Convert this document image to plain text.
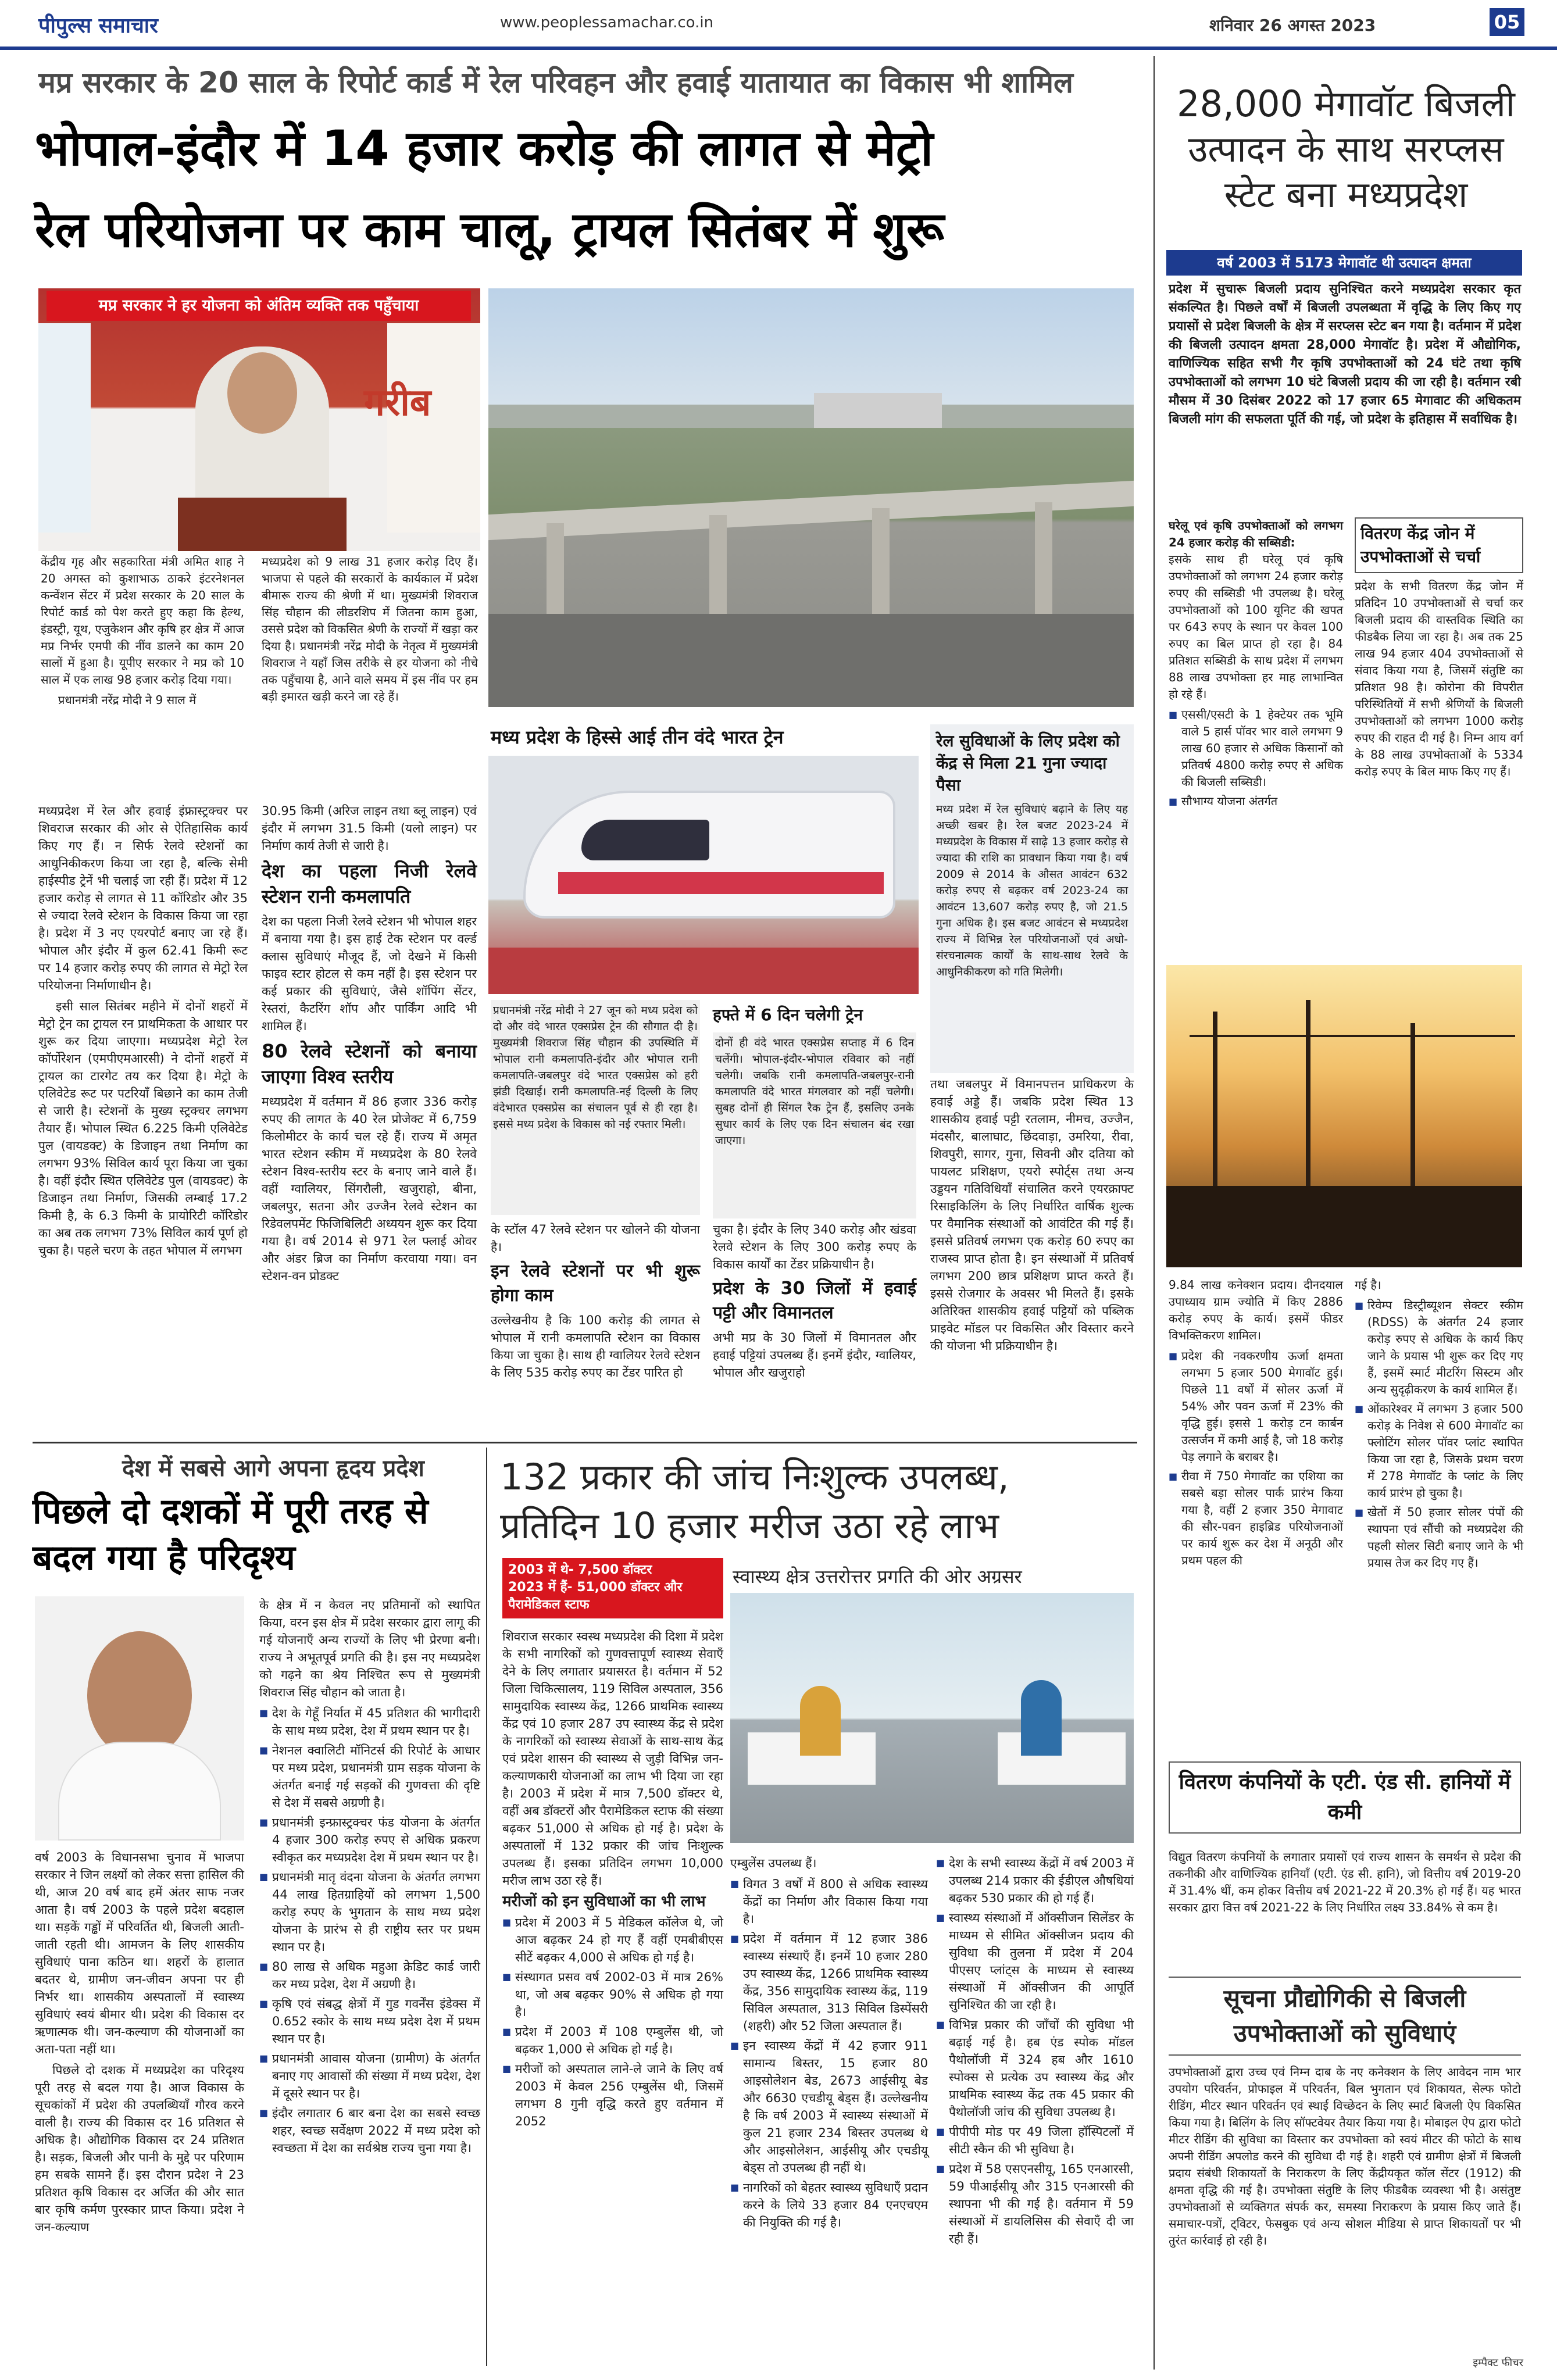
पीपुल्स समाचार	www.peoplessamachar.co.in	शनिवार 26 अगस्त 2023	05
मप्र सरकार के 20 साल के रिपोर्ट कार्ड में रेल परिवहन और हवाई यातायात का विकास भी शामिल
भोपाल-इंदौर में 14 हजार करोड़ की लागत से मेट्रो
रेल परियोजना पर काम चालू, ट्रायल सितंबर में शुरू
गरीब
मप्र सरकार ने हर योजना को अंतिम व्यक्ति तक पहुँचाया

केंद्रीय गृह और सहकारिता मंत्री अमित शाह ने 20 अगस्त को कुशाभाऊ ठाकरे इंटरनेशनल कन्वेंशन सेंटर में प्रदेश सरकार के 20 साल के रिपोर्ट कार्ड को पेश करते हुए कहा कि हेल्थ, इंडस्ट्री, यूथ, एजुकेशन और कृषि हर क्षेत्र में आज मप्र निर्भर एमपी की नींव डालने का काम 20 सालों में हुआ है। यूपीए सरकार ने मप्र को 10 साल में एक लाख 98 हजार करोड़ दिया गया।

प्रधानमंत्री नरेंद्र मोदी ने 9 साल में

मध्यप्रदेश को 9 लाख 31 हजार करोड़ दिए हैं। भाजपा से पहले की सरकारों के कार्यकाल में प्रदेश बीमारू राज्य की श्रेणी में था। मुख्यमंत्री शिवराज सिंह चौहान की लीडरशिप में जितना काम हुआ, उससे प्रदेश को विकसित श्रेणी के राज्यों में खड़ा कर दिया है। प्रधानमंत्री नरेंद्र मोदी के नेतृत्व में मुख्यमंत्री शिवराज ने यहाँ जिस तरीके से हर योजना को नीचे तक पहुँचाया है, आने वाले समय में इस नींव पर हम बड़ी इमारत खड़ी करने जा रहे हैं।
मध्य प्रदेश के हिस्से आई तीन वंदे भारत ट्रेन
प्रधानमंत्री नरेंद्र मोदी ने 27 जून को मध्य प्रदेश को दो और वंदे भारत एक्सप्रेस ट्रेन की सौगात दी है। मुख्यमंत्री शिवराज सिंह चौहान की उपस्थिति में भोपाल रानी कमलापति-इंदौर और भोपाल रानी कमलापति-जबलपुर वंदे भारत एक्सप्रेस को हरी झंडी दिखाई। रानी कमलापति-नई दिल्ली के लिए वंदेभारत एक्सप्रेस का संचालन पूर्व से ही रहा है। इससे मध्य प्रदेश के विकास को नई रफ्तार मिली।
हफ्ते में 6 दिन चलेगी ट्रेन
दोनों ही वंदे भारत एक्सप्रेस सप्ताह में 6 दिन चलेंगी। भोपाल-इंदौर-भोपाल रविवार को नहीं चलेगी। जबकि रानी कमलापति-जबलपुर-रानी कमलापति वंदे भारत मंगलवार को नहीं चलेगी। सुबह दोनों ही सिंगल रैक ट्रेन हैं, इसलिए उनके सुधार कार्य के लिए एक दिन संचालन बंद रखा जाएगा।
रेल सुविधाओं के लिए प्रदेश को केंद्र से मिला 21 गुना ज्यादा पैसा
मध्य प्रदेश में रेल सुविधाएं बढ़ाने के लिए यह अच्छी खबर है। रेल बजट 2023-24 में मध्यप्रदेश के विकास में साढ़े 13 हजार करोड़ से ज्यादा की राशि का प्रावधान किया गया है। वर्ष 2009 से 2014 के औसत आवंटन 632 करोड़ रुपए से बढ़कर वर्ष 2023-24 का आवंटन 13,607 करोड़ रुपए है, जो 21.5 गुना अधिक है। इस बजट आवंटन से मध्यप्रदेश राज्य में विभिन्न रेल परियोजनाओं एवं अधो-संरचनात्मक कार्यों के साथ-साथ रेलवे के आधुनिकीकरण को गति मिलेगी।

मध्यप्रदेश में रेल और हवाई इंफ्रास्ट्रक्चर पर शिवराज सरकार की ओर से ऐतिहासिक कार्य किए गए हैं। न सिर्फ रेलवे स्टेशनों का आधुनिकीकरण किया जा रहा है, बल्कि सेमी हाईस्पीड ट्रेनें भी चलाई जा रही हैं। प्रदेश में 12 हजार करोड़ से लागत से 11 कॉरिडोर और 35 से ज्यादा रेलवे स्टेशन के विकास किया जा रहा है। प्रदेश में 3 नए एयरपोर्ट बनाए जा रहे हैं। भोपाल और इंदौर में कुल 62.41 किमी रूट पर 14 हजार करोड़ रुपए की लागत से मेट्रो रेल परियोजना निर्माणाधीन है।

इसी साल सितंबर महीने में दोनों शहरों में मेट्रो ट्रेन का ट्रायल रन प्राथमिकता के आधार पर शुरू कर दिया जाएगा। मध्यप्रदेश मेट्रो रेल कॉर्पोरेशन (एमपीएमआरसी) ने दोनों शहरों में ट्रायल का टारगेट तय कर दिया है। मेट्रो के एलिवेटेड रूट पर पटरियाँ बिछाने का काम तेजी से जारी है। स्टेशनों के मुख्य स्ट्रक्चर लगभग तैयार हैं। भोपाल स्थित 6.225 किमी एलिवेटेड पुल (वायडक्ट) के डिजाइन तथा निर्माण का लगभग 93% सिविल कार्य पूरा किया जा चुका है। वहीं इंदौर स्थित एलिवेटेड पुल (वायडक्ट) के डिजाइन तथा निर्माण, जिसकी लम्बाई 17.2 किमी है, के 6.3 किमी के प्रायोरिटी कॉरिडोर का अब तक लगभग 73% सिविल कार्य पूर्ण हो चुका है। पहले चरण के तहत भोपाल में लगभग

30.95 किमी (अरिज लाइन तथा ब्लू लाइन) एवं इंदौर में लगभग 31.5 किमी (यलो लाइन) पर निर्माण कार्य तेजी से जारी है।

देश का पहला निजी रेलवे स्टेशन रानी कमलापति

देश का पहला निजी रेलवे स्टेशन भी भोपाल शहर में बनाया गया है। इस हाई टेक स्टेशन पर वर्ल्ड क्लास सुविधाएं मौजूद हैं, जो देखने में किसी फाइव स्टार होटल से कम नहीं है। इस स्टेशन पर कई प्रकार की सुविधाएं, जैसे शॉपिंग सेंटर, रेस्तरां, कैटरिंग शॉप और पार्किंग आदि भी शामिल हैं।

80 रेलवे स्टेशनों को बनाया जाएगा विश्व स्तरीय

मध्यप्रदेश में वर्तमान में 86 हजार 336 करोड़ रुपए की लागत के 40 रेल प्रोजेक्ट में 6,759 किलोमीटर के कार्य चल रहे हैं। राज्य में अमृत भारत स्टेशन स्कीम में मध्यप्रदेश के 80 रेलवे स्टेशन विश्व-स्तरीय स्टर के बनाए जाने वाले हैं। वहीं ग्वालियर, सिंगरौली, खजुराहो, बीना, जबलपुर, सतना और उज्जैन रेलवे स्टेशन का रिडेवलपमेंट फिजिबिलिटी अध्ययन शुरू कर दिया गया है। वर्ष 2014 से 971 रेल फ्लाई ओवर और अंडर ब्रिज का निर्माण करवाया गया। वन स्टेशन-वन प्रोडक्ट

के स्टॉल 47 रेलवे स्टेशन पर खोलने की योजना है।

इन रेलवे स्टेशनों पर भी शुरू होगा काम

उल्लेखनीय है कि 100 करोड़ की लागत से भोपाल में रानी कमलापति स्टेशन का विकास किया जा चुका है। साथ ही ग्वालियर रेलवे स्टेशन के लिए 535 करोड़ रुपए का टेंडर पारित हो

चुका है। इंदौर के लिए 340 करोड़ और खंडवा रेलवे स्टेशन के लिए 300 करोड़ रुपए के विकास कार्यों का टेंडर प्रक्रियाधीन है।

प्रदेश के 30 जिलों में हवाई पट्टी और विमानतल

अभी मप्र के 30 जिलों में विमानतल और हवाई पट्टियां उपलब्ध हैं। इनमें इंदौर, ग्वालियर, भोपाल और खजुराहो

तथा जबलपुर में विमानपत्तन प्राधिकरण के हवाई अड्डे हैं। जबकि प्रदेश स्थित 13 शासकीय हवाई पट्टी रतलाम, नीमच, उज्जैन, मंदसौर, बालाघाट, छिंदवाड़ा, उमरिया, रीवा, शिवपुरी, सागर, गुना, सिवनी और दतिया को पायलट प्रशिक्षण, एयरो स्पोर्ट्स तथा अन्य उड्डयन गतिविधियाँ संचालित करने एयरक्राफ्ट रिसाइकिलिंग के लिए निर्धारित वार्षिक शुल्क पर वैमानिक संस्थाओं को आवंटित की गई हैं। इससे प्रतिवर्ष लगभग एक करोड़ 60 रुपए का राजस्व प्राप्त होता है। इन संस्थाओं में प्रतिवर्ष लगभग 200 छात्र प्रशिक्षण प्राप्त करते हैं। इससे रोजगार के अवसर भी मिलते हैं। इसके अतिरिक्त शासकीय हवाई पट्टियों को पब्लिक प्राइवेट मॉडल पर विकसित और विस्तार करने की योजना भी प्रक्रियाधीन है।
देश में सबसे आगे अपना हृदय प्रदेश
पिछले दो दशकों में पूरी तरह से बदल गया है परिदृश्य

वर्ष 2003 के विधानसभा चुनाव में भाजपा सरकार ने जिन लक्ष्यों को लेकर सत्ता हासिल की थी, आज 20 वर्ष बाद हमें अंतर साफ नजर आता है। वर्ष 2003 के पहले प्रदेश बदहाल था। सड़कें गड्ढों में परिवर्तित थी, बिजली आती-जाती रहती थी। आमजन के लिए शासकीय सुविधाएं पाना कठिन था। शहरों के हालात बदतर थे, ग्रामीण जन-जीवन अपना पर ही निर्भर था। शासकीय अस्पतालों में स्वास्थ्य सुविधाएं स्वयं बीमार थी। प्रदेश की विकास दर ऋणात्मक थी। जन-कल्याण की योजनाओं का अता-पता नहीं था।

पिछले दो दशक में मध्यप्रदेश का परिदृश्य पूरी तरह से बदल गया है। आज विकास के सूचकांकों में प्रदेश की उपलब्धियाँ गौरव करने वाली है। राज्य की विकास दर 16 प्रतिशत से अधिक है। औद्योगिक विकास दर 24 प्रतिशत है। सड़क, बिजली और पानी के मुद्दे पर परिणाम हम सबके सामने हैं। इस दौरान प्रदेश ने 23 प्रतिशत कृषि विकास दर अर्जित की और सात बार कृषि कर्मण पुरस्कार प्राप्त किया। प्रदेश ने जन-कल्याण

के क्षेत्र में न केवल नए प्रतिमानों को स्थापित किया, वरन इस क्षेत्र में प्रदेश सरकार द्वारा लागू की गई योजनाएँ अन्य राज्यों के लिए भी प्रेरणा बनी। राज्य ने अभूतपूर्व प्रगति की है। इस नए मध्यप्रदेश को गढ़ने का श्रेय निश्चित रूप से मुख्यमंत्री शिवराज सिंह चौहान को जाता है।

■ देश के गेहूँ निर्यात में 45 प्रतिशत की भागीदारी के साथ मध्य प्रदेश, देश में प्रथम स्थान पर है।
■ नेशनल क्वालिटी मॉनिटर्स की रिपोर्ट के आधार पर मध्य प्रदेश, प्रधानमंत्री ग्राम सड़क योजना के अंतर्गत बनाई गई सड़कों की गुणवत्ता की दृष्टि से देश में सबसे अग्रणी है।
■ प्रधानमंत्री इन्फ्रास्ट्रक्चर फंड योजना के अंतर्गत 4 हजार 300 करोड़ रुपए से अधिक प्रकरण स्वीकृत कर मध्यप्रदेश देश में प्रथम स्थान पर है।
■ प्रधानमंत्री मातृ वंदना योजना के अंतर्गत लगभग 44 लाख हितग्राहियों को लगभग 1,500 करोड़ रुपए के भुगतान के साथ मध्य प्रदेश योजना के प्रारंभ से ही राष्ट्रीय स्तर पर प्रथम स्थान पर है।
■ 80 लाख से अधिक महुआ क्रेडिट कार्ड जारी कर मध्य प्रदेश, देश में अग्रणी है।
■ कृषि एवं संबद्ध क्षेत्रों में गुड गवर्नेंस इंडेक्स में 0.652 स्कोर के साथ मध्य प्रदेश देश में प्रथम स्थान पर है।
■ प्रधानमंत्री आवास योजना (ग्रामीण) के अंतर्गत बनाए गए आवासों की संख्या में मध्य प्रदेश, देश में दूसरे स्थान पर है।
■ इंदौर लगातार 6 बार बना देश का सबसे स्वच्छ शहर, स्वच्छ सर्वेक्षण 2022 में मध्य प्रदेश को स्वच्छता में देश का सर्वश्रेष्ठ राज्य चुना गया है।
132 प्रकार की जांच निःशुल्क उपलब्ध,
प्रतिदिन 10 हजार मरीज उठा रहे लाभ
2003 में थे- 7,500 डॉक्टर
2023 में हैं- 51,000 डॉक्टर और पैरामेडिकल स्टाफ
स्वास्थ्य क्षेत्र उत्तरोत्तर प्रगति की ओर अग्रसर

शिवराज सरकार स्वस्थ मध्यप्रदेश की दिशा में प्रदेश के सभी नागरिकों को गुणवत्तापूर्ण स्वास्थ्य सेवाएँ देने के लिए लगातार प्रयासरत है। वर्तमान में 52 जिला चिकित्सालय, 119 सिविल अस्पताल, 356 सामुदायिक स्वास्थ्य केंद्र, 1266 प्राथमिक स्वास्थ्य केंद्र एवं 10 हजार 287 उप स्वास्थ्य केंद्र से प्रदेश के नागरिकों को स्वास्थ्य सेवाओं के साथ-साथ केंद्र एवं प्रदेश शासन की स्वास्थ्य से जुड़ी विभिन्न जन-कल्याणकारी योजनाओं का लाभ भी दिया जा रहा है। 2003 में प्रदेश में मात्र 7,500 डॉक्टर थे, वहीं अब डॉक्टरों और पैरामेडिकल स्टाफ की संख्या बढ़कर 51,000 से अधिक हो गई है। प्रदेश के अस्पतालों में 132 प्रकार की जांच निःशुल्क उपलब्ध हैं। इसका प्रतिदिन लगभग 10,000 मरीज लाभ उठा रहे हैं।

मरीजों को इन सुविधाओं का भी लाभ
■ प्रदेश में 2003 में 5 मेडिकल कॉलेज थे, जो आज बढ़कर 24 हो गए हैं वहीं एमबीबीएस सीटें बढ़कर 4,000 से अधिक हो गई है।
■ संस्थागत प्रसव वर्ष 2002-03 में मात्र 26% था, जो अब बढ़कर 90% से अधिक हो गया है।
■ प्रदेश में 2003 में 108 एम्बुलेंस थी, जो बढ़कर 1,000 से अधिक हो गई है।
■ मरीजों को अस्पताल लाने-ले जाने के लिए वर्ष 2003 में केवल 256 एम्बुलेंस थी, जिसमें लगभग 8 गुनी वृद्धि करते हुए वर्तमान में 2052

एम्बुलेंस उपलब्ध हैं।

■ विगत 3 वर्षों में 800 से अधिक स्वास्थ्य केंद्रों का निर्माण और विकास किया गया है।
■ प्रदेश में वर्तमान में 12 हजार 386 स्वास्थ्य संस्थाएँ हैं। इनमें 10 हजार 280 उप स्वास्थ्य केंद्र, 1266 प्राथमिक स्वास्थ्य केंद्र, 356 सामुदायिक स्वास्थ्य केंद्र, 119 सिविल अस्पताल, 313 सिविल डिस्पेंसरी (शहरी) और 52 जिला अस्पताल हैं।
■ इन स्वास्थ्य केंद्रों में 42 हजार 911 सामान्य बिस्तर, 15 हजार 80 आइसोलेशन बेड, 2673 आईसीयू बेड और 6630 एचडीयू बेड्स हैं। उल्लेखनीय है कि वर्ष 2003 में स्वास्थ्य संस्थाओं में कुल 21 हजार 234 बिस्तर उपलब्ध थे और आइसोलेशन, आईसीयू और एचडीयू बेड्स तो उपलब्ध ही नहीं थे।
■ नागरिकों को बेहतर स्वास्थ्य सुविधाएँ प्रदान करने के लिये 33 हजार 84 एनएचएम की नियुक्ति की गई है।
■ देश के सभी स्वास्थ्य केंद्रों में वर्ष 2003 में उपलब्ध 214 प्रकार की ईडीएल औषधियां बढ़कर 530 प्रकार की हो गई हैं।
■ स्वास्थ्य संस्थाओं में ऑक्सीजन सिलेंडर के माध्यम से सीमित ऑक्सीजन प्रदाय की सुविधा की तुलना में प्रदेश में 204 पीएसए प्लांट्स के माध्यम से स्वास्थ्य संस्थाओं में ऑक्सीजन की आपूर्ति सुनिश्चित की जा रही है।
■ विभिन्न प्रकार की जाँचों की सुविधा भी बढ़ाई गई है। हब एंड स्पोक मॉडल पैथोलॉजी में 324 हब और 1610 स्पोक्स से प्रत्येक उप स्वास्थ्य केंद्र और प्राथमिक स्वास्थ्य केंद्र तक 45 प्रकार की पैथोलॉजी जांच की सुविधा उपलब्ध है।
■ पीपीपी मोड पर 49 जिला हॉस्पिटलों में सीटी स्कैन की भी सुविधा है।
■ प्रदेश में 58 एसएनसीयू, 165 एनआरसी, 59 पीआईसीयू और 315 एनआरसी की स्थापना भी की गई है। वर्तमान में 59 संस्थाओं में डायलिसिस की सेवाएँ दी जा रही हैं।
28,000 मेगावॉट बिजली उत्पादन के साथ सरप्लस स्टेट बना मध्यप्रदेश
वर्ष 2003 में 5173 मेगावॉट थी उत्पादन क्षमता
प्रदेश में सुचारू बिजली प्रदाय सुनिश्चित करने मध्यप्रदेश सरकार कृत संकल्पित है। पिछले वर्षों में बिजली उपलब्धता में वृद्धि के लिए किए गए प्रयासों से प्रदेश बिजली के क्षेत्र में सरप्लस स्टेट बन गया है। वर्तमान में प्रदेश की बिजली उत्पादन क्षमता 28,000 मेगावॉट है। प्रदेश में औद्योगिक, वाणिज्यिक सहित सभी गैर कृषि उपभोक्ताओं को 24 घंटे तथा कृषि उपभोक्ताओं को लगभग 10 घंटे बिजली प्रदाय की जा रही है। वर्तमान रबी मौसम में 30 दिसंबर 2022 को 17 हजार 65 मेगावाट की अधिकतम बिजली मांग की सफलता पूर्ति की गई, जो प्रदेश के इतिहास में सर्वाधिक है।
घरेलू एवं कृषि उपभोक्ताओं को लगभग 24 हजार करोड़ की सब्सिडी:

इसके साथ ही घरेलू एवं कृषि उपभोक्ताओं को लगभग 24 हजार करोड़ रुपए की सब्सिडी भी उपलब्ध है। घरेलू उपभोक्ताओं को 100 यूनिट की खपत पर 643 रुपए के स्थान पर केवल 100 रुपए का बिल प्राप्त हो रहा है। 84 प्रतिशत सब्सिडी के साथ प्रदेश में लगभग 88 लाख उपभोक्ता हर माह लाभान्वित हो रहे हैं।

■ एससी/एसटी के 1 हेक्टेयर तक भूमि वाले 5 हार्स पॉवर भार वाले लगभग 9 लाख 60 हजार से अधिक किसानों को प्रतिवर्ष 4800 करोड़ रुपए से अधिक की बिजली सब्सिडी।
■ सौभाग्य योजना अंतर्गत
वितरण केंद्र जोन में उपभोक्ताओं से चर्चा
प्रदेश के सभी वितरण केंद्र जोन में प्रतिदिन 10 उपभोक्ताओं से चर्चा कर बिजली प्रदाय की वास्तविक स्थिति का फीडबैक लिया जा रहा है। अब तक 25 लाख 94 हजार 404 उपभोक्ताओं से संवाद किया गया है, जिसमें संतुष्टि का प्रतिशत 98 है। कोरोना की विपरीत परिस्थितियों में सभी श्रेणियों के बिजली उपभोक्ताओं को लगभग 1000 करोड़ रुपए की राहत दी गई है। निम्न आय वर्ग के 88 लाख उपभोक्ताओं के 5334 करोड़ रुपए के बिल माफ किए गए हैं।

9.84 लाख कनेक्शन प्रदाय। दीनदयाल उपाध्याय ग्राम ज्योति में किए 2886 करोड़ रुपए के कार्य। इसमें फीडर विभक्तिकरण शामिल।

■ प्रदेश की नवकरणीय ऊर्जा क्षमता लगभग 5 हजार 500 मेगावॉट हुई। पिछले 11 वर्षों में सोलर ऊर्जा में 54% और पवन ऊर्जा में 23% की वृद्धि हुई। इससे 1 करोड़ टन कार्बन उत्सर्जन में कमी आई है, जो 18 करोड़ पेड़ लगाने के बराबर है।
■ रीवा में 750 मेगावॉट का एशिया का सबसे बड़ा सोलर पार्क प्रारंभ किया गया है, वहीं 2 हजार 350 मेगावाट की सौर-पवन हाइब्रिड परियोजनाओं पर कार्य शुरू कर देश में अनूठी और प्रथम पहल की

गई है।

■ रिवेम्प डिस्ट्रीब्यूशन सेक्टर स्कीम (RDSS) के अंतर्गत 24 हजार करोड़ रुपए से अधिक के कार्य किए जाने के प्रयास भी शुरू कर दिए गए हैं, इसमें स्मार्ट मीटरिंग सिस्टम और अन्य सुदृढ़ीकरण के कार्य शामिल हैं।
■ ओंकारेश्वर में लगभग 3 हजार 500 करोड़ के निवेश से 600 मेगावॉट का फ्लोटिंग सोलर पॉवर प्लांट स्थापित किया जा रहा है, जिसके प्रथम चरण में 278 मेगावॉट के प्लांट के लिए कार्य प्रारंभ हो चुका है।
■ खेतों में 50 हजार सोलर पंपों की स्थापना एवं सौंची को मध्यप्रदेश की पहली सोलर सिटी बनाए जाने के भी प्रयास तेज कर दिए गए हैं।
वितरण कंपनियों के एटी. एंड सी. हानियों में कमी
विद्युत वितरण कंपनियों के लगातार प्रयासों एवं राज्य शासन के समर्थन से प्रदेश की तकनीकी और वाणिज्यिक हानियाँ (एटी. एंड सी. हानि), जो वित्तीय वर्ष 2019-20 में 31.4% थीं, कम होकर वित्तीय वर्ष 2021-22 में 20.3% हो गई हैं। यह भारत सरकार द्वारा वित्त वर्ष 2021-22 के लिए निर्धारित लक्ष्य 33.84% से कम है।
सूचना प्रौद्योगिकी से बिजली उपभोक्ताओं को सुविधाएं
उपभोक्ताओं द्वारा उच्च एवं निम्न दाब के नए कनेक्शन के लिए आवेदन नाम भार उपयोग परिवर्तन, प्रोफाइल में परिवर्तन, बिल भुगतान एवं शिकायत, सेल्फ फोटो रीडिंग, मीटर स्थान परिवर्तन एवं स्थाई विच्छेदन के लिए स्मार्ट बिजली ऐप विकसित किया गया है। बिलिंग के लिए सॉफ्टवेयर तैयार किया गया है। मोबाइल ऐप द्वारा फोटो मीटर रीडिंग की सुविधा का विस्तार कर उपभोक्ता को स्वयं मीटर की फोटो के साथ अपनी रीडिंग अपलोड करने की सुविधा दी गई है। शहरी एवं ग्रामीण क्षेत्रों में बिजली प्रदाय संबंधी शिकायतों के निराकरण के लिए केंद्रीयकृत कॉल सेंटर (1912) की क्षमता वृद्धि की गई है। उपभोक्ता संतुष्टि के लिए फीडबैक व्यवस्था भी है। असंतुष्ट उपभोक्ताओं से व्यक्तिगत संपर्क कर, समस्या निराकरण के प्रयास किए जाते हैं। समाचार-पत्रों, ट्विटर, फेसबुक एवं अन्य सोशल मीडिया से प्राप्त शिकायतों पर भी तुरंत कार्रवाई हो रही है।
इम्पैक्ट फीचर
